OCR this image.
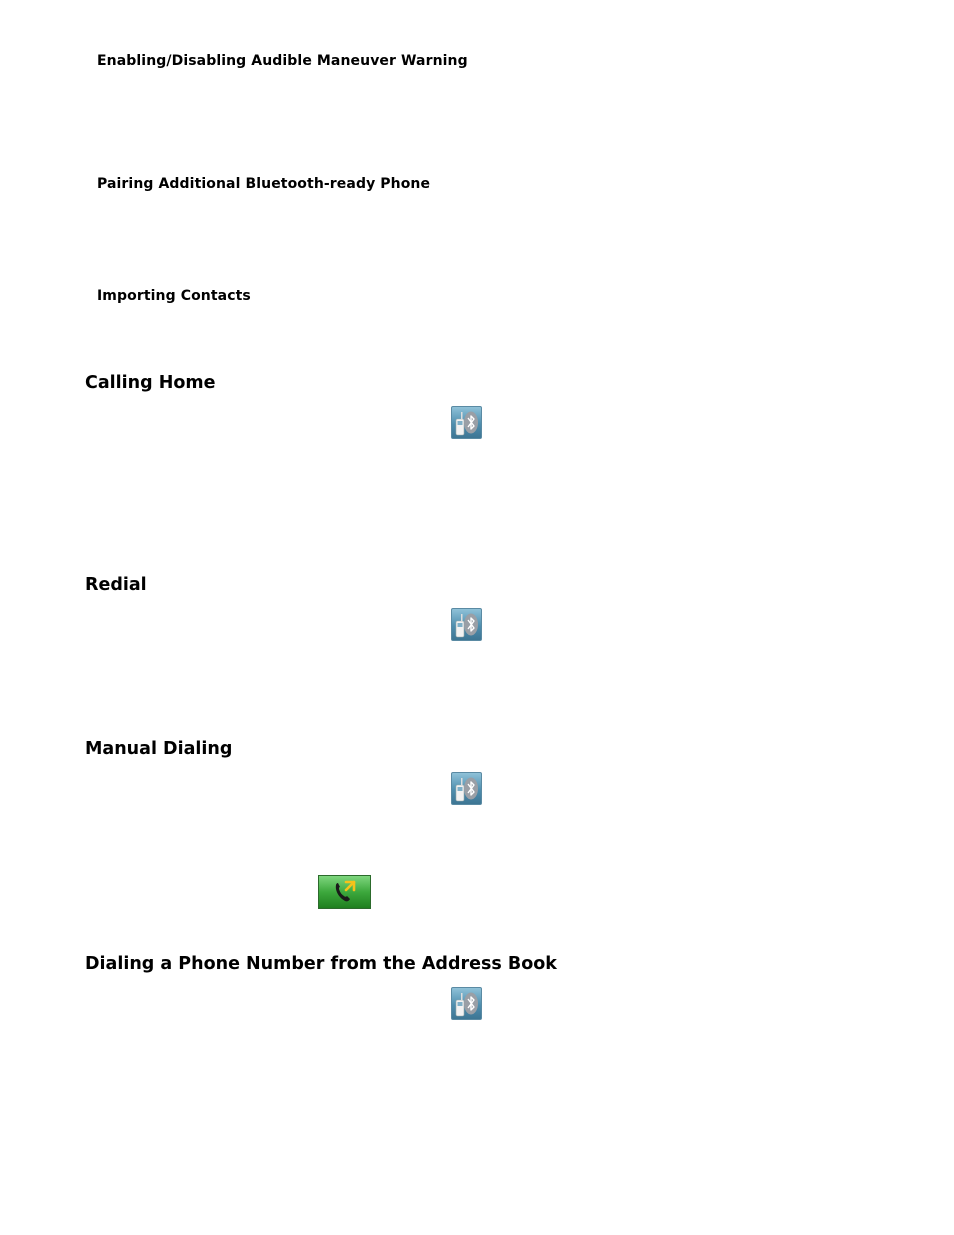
Enabling/Disabling Audible Maneuver Warning
Pairing Additional Bluetooth-ready Phone
Importing Contacts
Calling Home
Redial
Manual Dialing
Dialing a Phone Number from the Address Book
